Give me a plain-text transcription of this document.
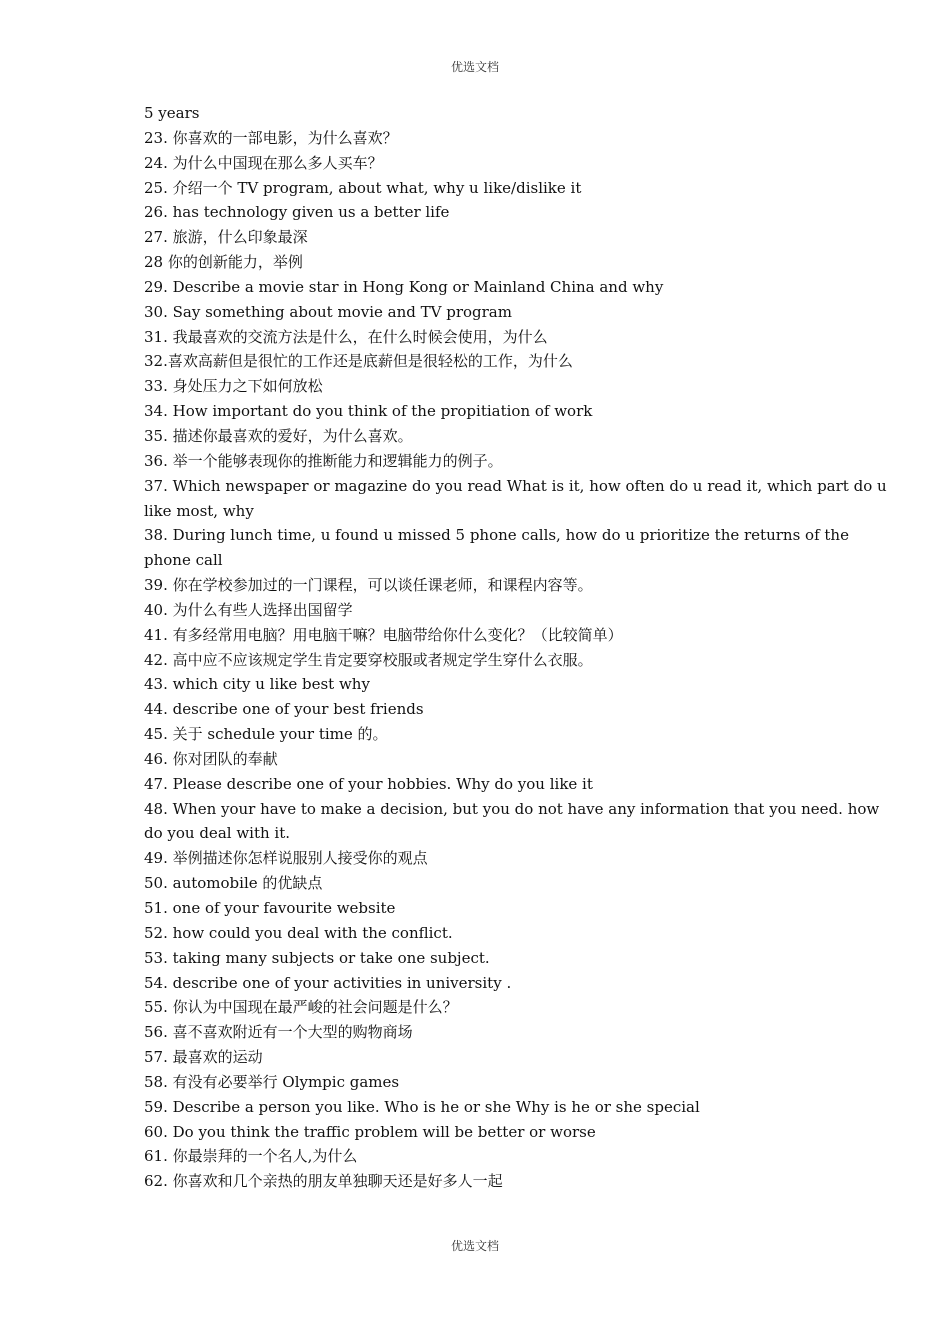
优选文档
5 years
23. 你喜欢的一部电影，为什么喜欢？
24. 为什么中国现在那么多人买车？
25. 介绍一个 TV program, about what, why u like/dislike it
26. has technology given us a better life
27. 旅游，什么印象最深
28 你的创新能力，举例
29. Describe a movie star in Hong Kong or Mainland China and why
30. Say something about movie and TV program
31. 我最喜欢的交流方法是什么，在什么时候会使用，为什么
32.喜欢高薪但是很忙的工作还是底薪但是很轻松的工作，为什么
33. 身处压力之下如何放松
34. How important do you think of the propitiation of work
35. 描述你最喜欢的爱好，为什么喜欢。
36. 举一个能够表现你的推断能力和逻辑能力的例子。
37. Which newspaper or magazine do you read What is it, how often do u read it, which part do u
like most, why
38. During lunch time, u found u missed 5 phone calls, how do u prioritize the returns of the
phone call
39. 你在学校参加过的一门课程，可以谈任课老师，和课程内容等。
40. 为什么有些人选择出国留学
41. 有多经常用电脑？用电脑干嘛？电脑带给你什么变化？（比较简单）
42. 高中应不应该规定学生肯定要穿校服或者规定学生穿什么衣服。
43. which city u like best why
44. describe one of your best friends
45. 关于 schedule your time 的。
46. 你对团队的奉献
47. Please describe one of your hobbies. Why do you like it
48. When your have to make a decision, but you do not have any information that you need. how
do you deal with it.
49. 举例描述你怎样说服别人接受你的观点
50. automobile 的优缺点
51. one of your favourite website
52. how could you deal with the conflict.
53. taking many subjects or take one subject.
54. describe one of your activities in university .
55. 你认为中国现在最严峻的社会问题是什么？
56. 喜不喜欢附近有一个大型的购物商场
57. 最喜欢的运动
58. 有没有必要举行 Olympic games
59. Describe a person you like. Who is he or she Why is he or she special
60. Do you think the traffic problem will be better or worse
61. 你最崇拜的一个名人,为什么
62. 你喜欢和几个亲热的朋友单独聊天还是好多人一起
优选文档
